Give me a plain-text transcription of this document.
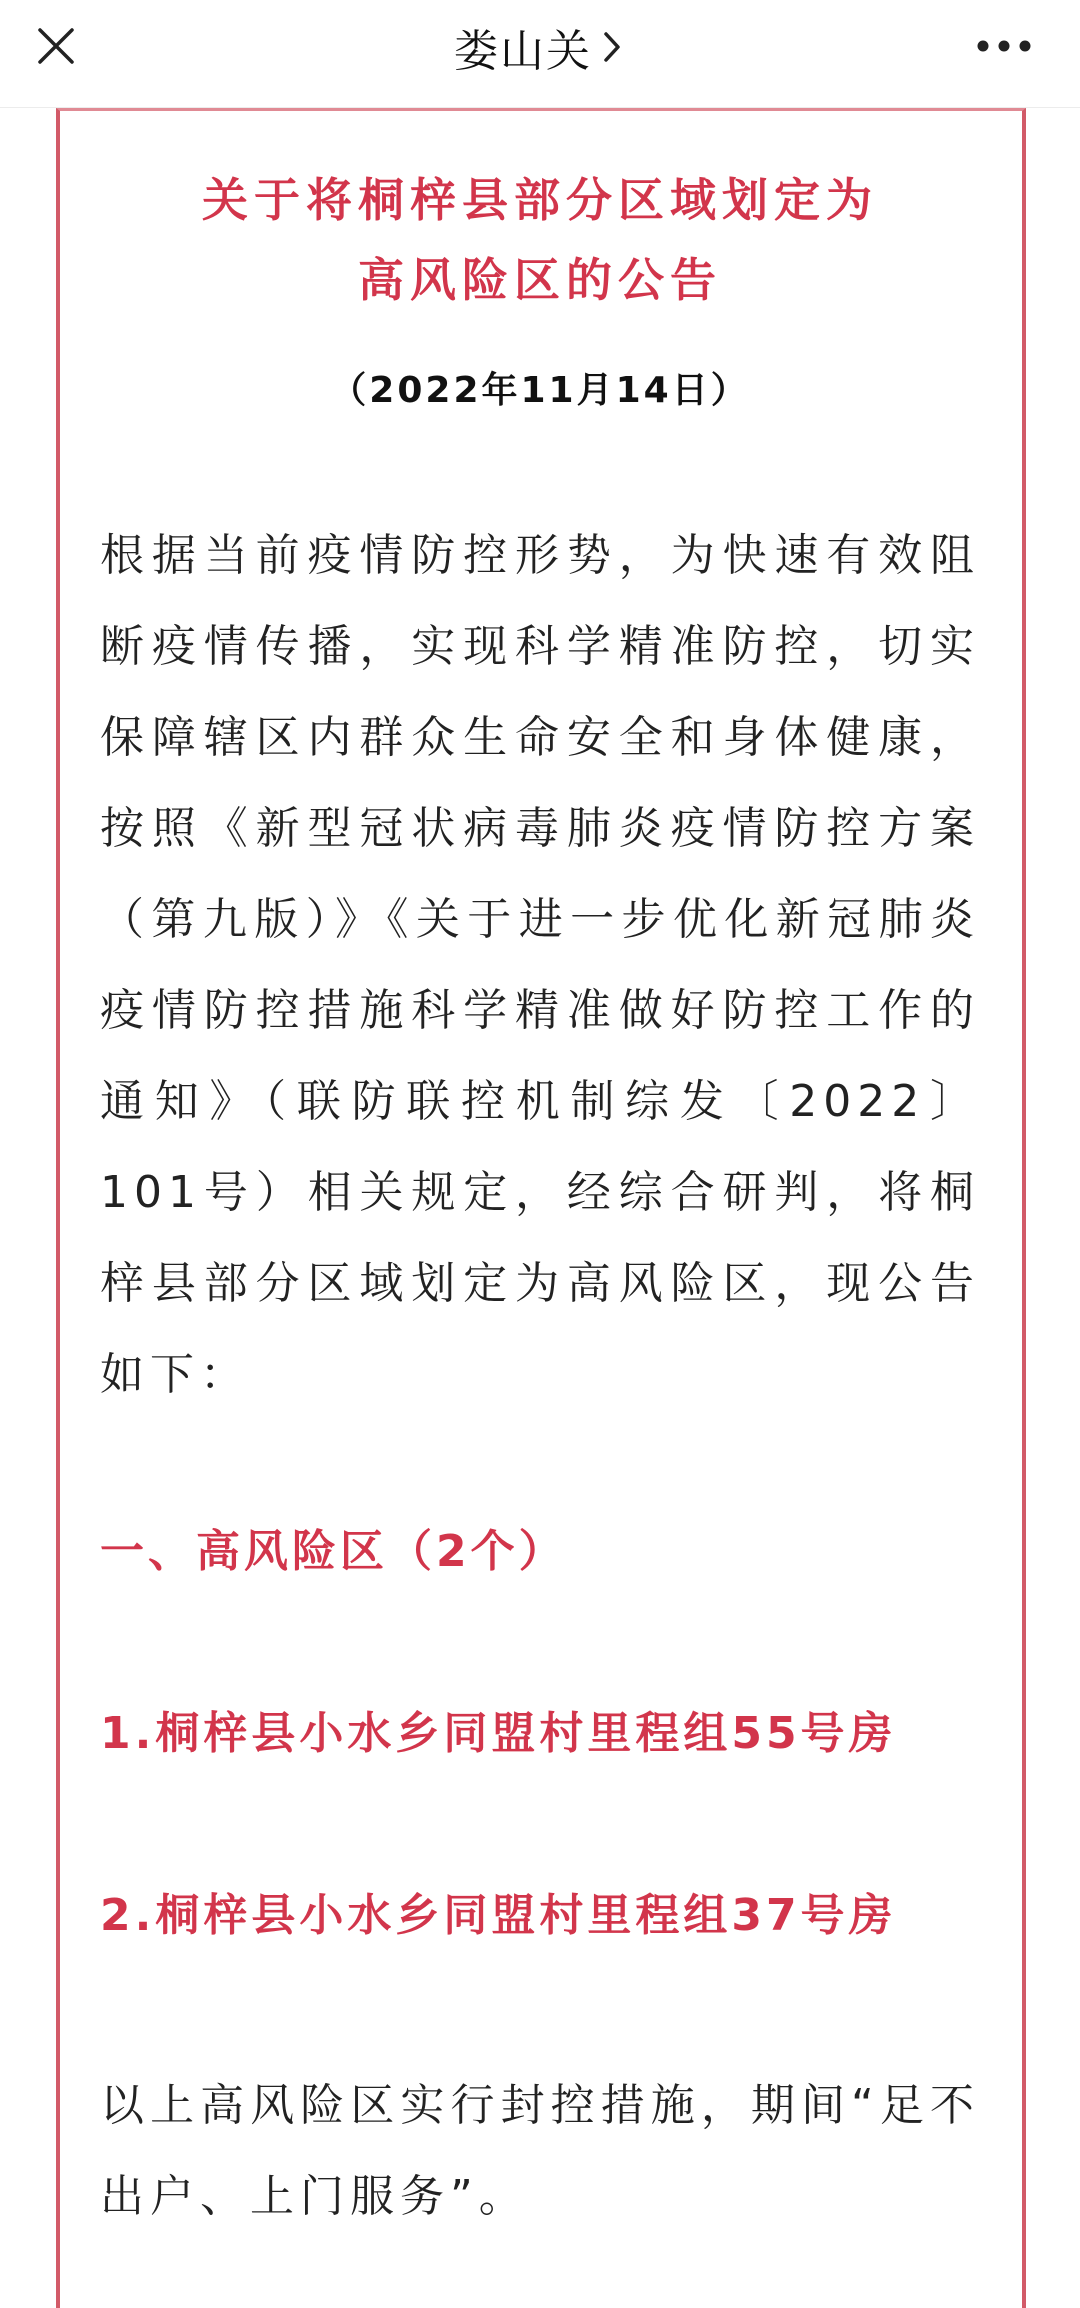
娄山关
关于将桐梓县部分区域划定为
高风险区的公告
（2022年11月14日）
根据当前疫情防控形势，为快速有效阻断疫情传播，实现科学精准防控，切实保障辖区内群众生命安全和身体健康，按照《新型冠状病毒肺炎疫情防控方案（第九版）》《关于进一步优化新冠肺炎疫情防控措施科学精准做好防控工作的通知》（联防联控机制综发〔2022〕101号）相关规定，经综合研判，将桐梓县部分区域划定为高风险区，现公告如下：
一、高风险区（2个）
1.桐梓县小水乡同盟村里程组55号房
2.桐梓县小水乡同盟村里程组37号房
以上高风险区实行封控措施，期间“足不出户、上门服务”。
